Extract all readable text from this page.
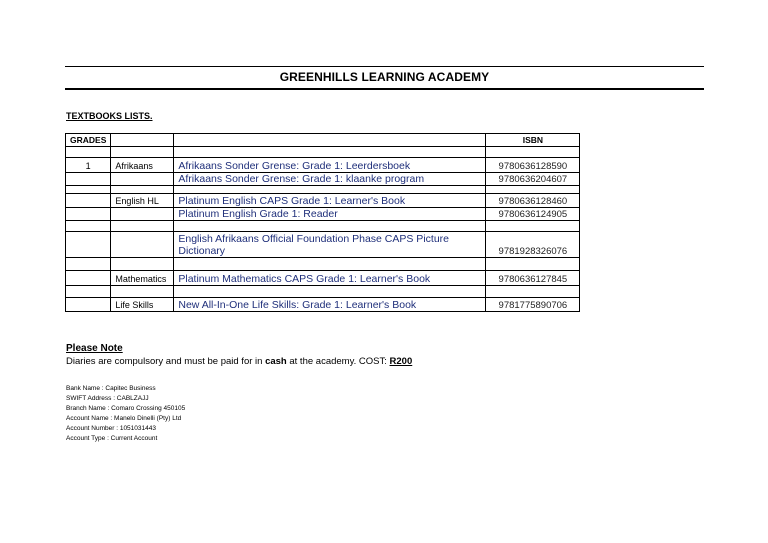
GREENHILLS LEARNING ACADEMY
TEXTBOOKS LISTS.
GRADES			ISBN

1	Afrikaans	Afrikaans Sonder Grense: Grade 1: Leerdersboek	9780636128590
		Afrikaans Sonder Grense: Grade 1: klaanke program	9780636204607

	English HL	Platinum English CAPS Grade 1: Learner's Book	9780636128460
		Platinum English Grade 1: Reader	9780636124905

		English Afrikaans Official Foundation Phase CAPS Picture Dictionary	9781928326076

	Mathematics	Platinum Mathematics CAPS Grade 1: Learner's Book	9780636127845

	Life Skills	New All-In-One Life Skills: Grade 1: Learner's Book	9781775890706
Please Note
Diaries are compulsory and must be paid for in cash at the academy. COST: R200
Bank Name : Capitec Business
SWIFT Address : CABLZAJJ
Branch Name : Comaro Crossing 450105
Account Name : Manelo Dinelli (Pty) Ltd
Account Number : 1051031443
Account Type : Current Account
